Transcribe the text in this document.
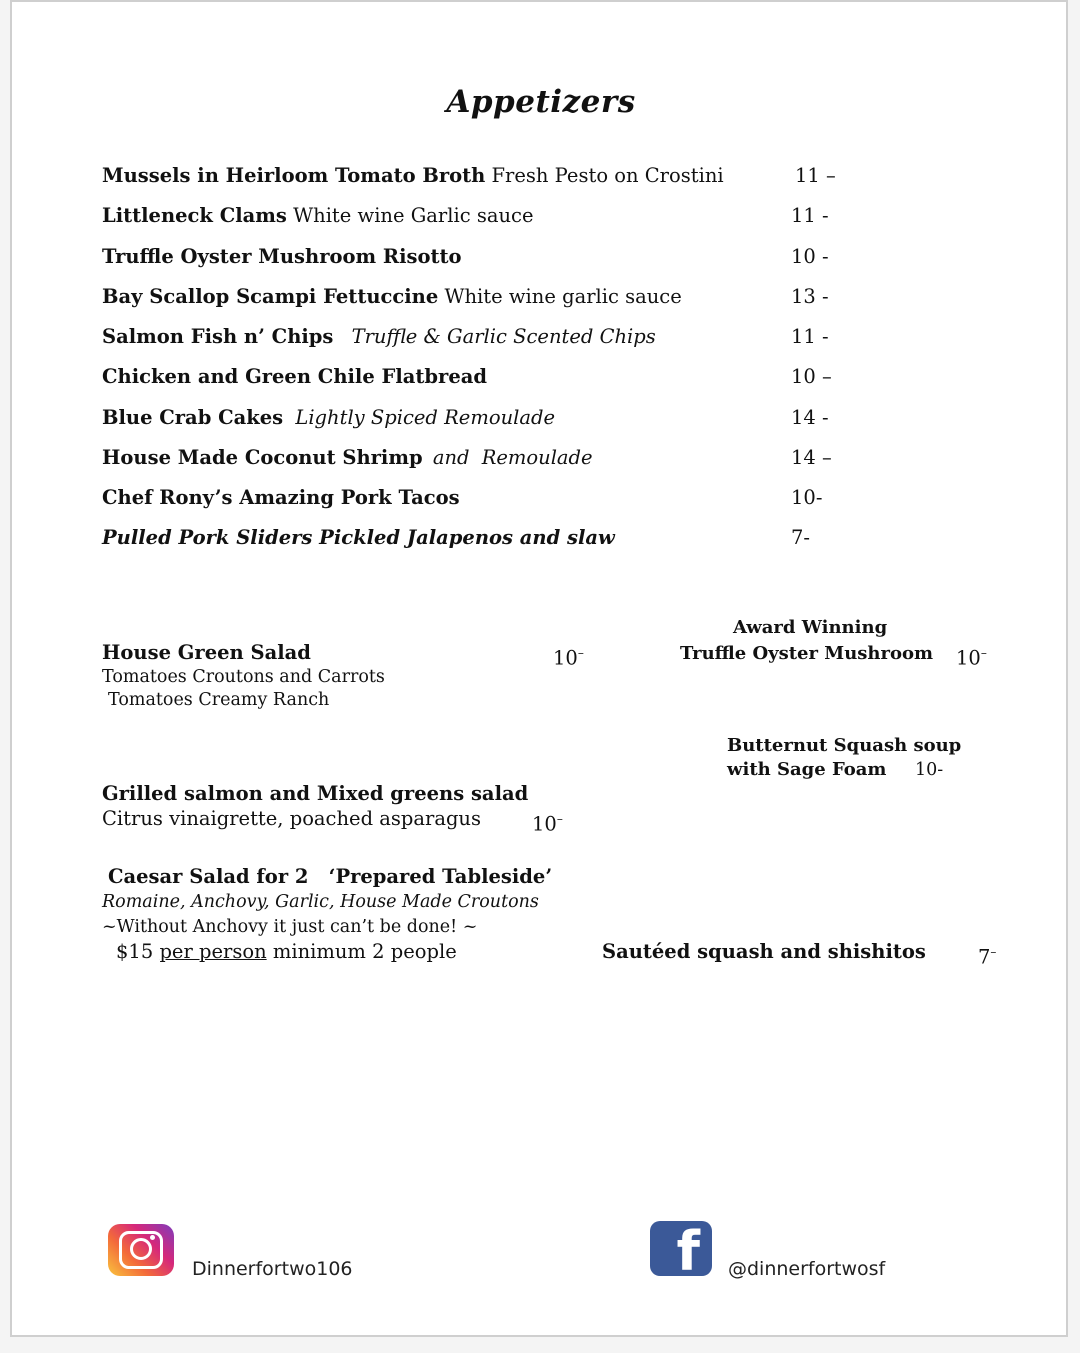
Appetizers
Mussels in Heirloom Tomato Broth Fresh Pesto on Crostini	11 –
Littleneck Clams White wine Garlic sauce	11 -
Truffle Oyster Mushroom Risotto	10 -
Bay Scallop Scampi Fettuccine White wine garlic sauce	13 -
Salmon Fish n’ Chips Truffle & Garlic Scented Chips	11 -
Chicken and Green Chile Flatbread	10 –
Blue Crab Cakes Lightly Spiced Remoulade	14 -
House Made Coconut Shrimp and Remoulade	14 –
Chef Rony’s Amazing Pork Tacos	10-
Pulled Pork Sliders Pickled Jalapenos and slaw	7-
House Green Salad	10–
Tomatoes Croutons and Carrots
Tomatoes Creamy Ranch
Grilled salmon and Mixed greens salad
Citrus vinaigrette, poached asparagus	10–
Caesar Salad for 2 ‘Prepared Tableside’
Romaine, Anchovy, Garlic, House Made Croutons
~Without Anchovy it just can’t be done! ~
$15 per person minimum 2 people
Award Winning
Truffle Oyster Mushroom 10–
Butternut Squash soup
with Sage Foam 10-
Sautéed squash and shishitos	7–
Dinnerfortwo106	f	@dinnerfortwosf
